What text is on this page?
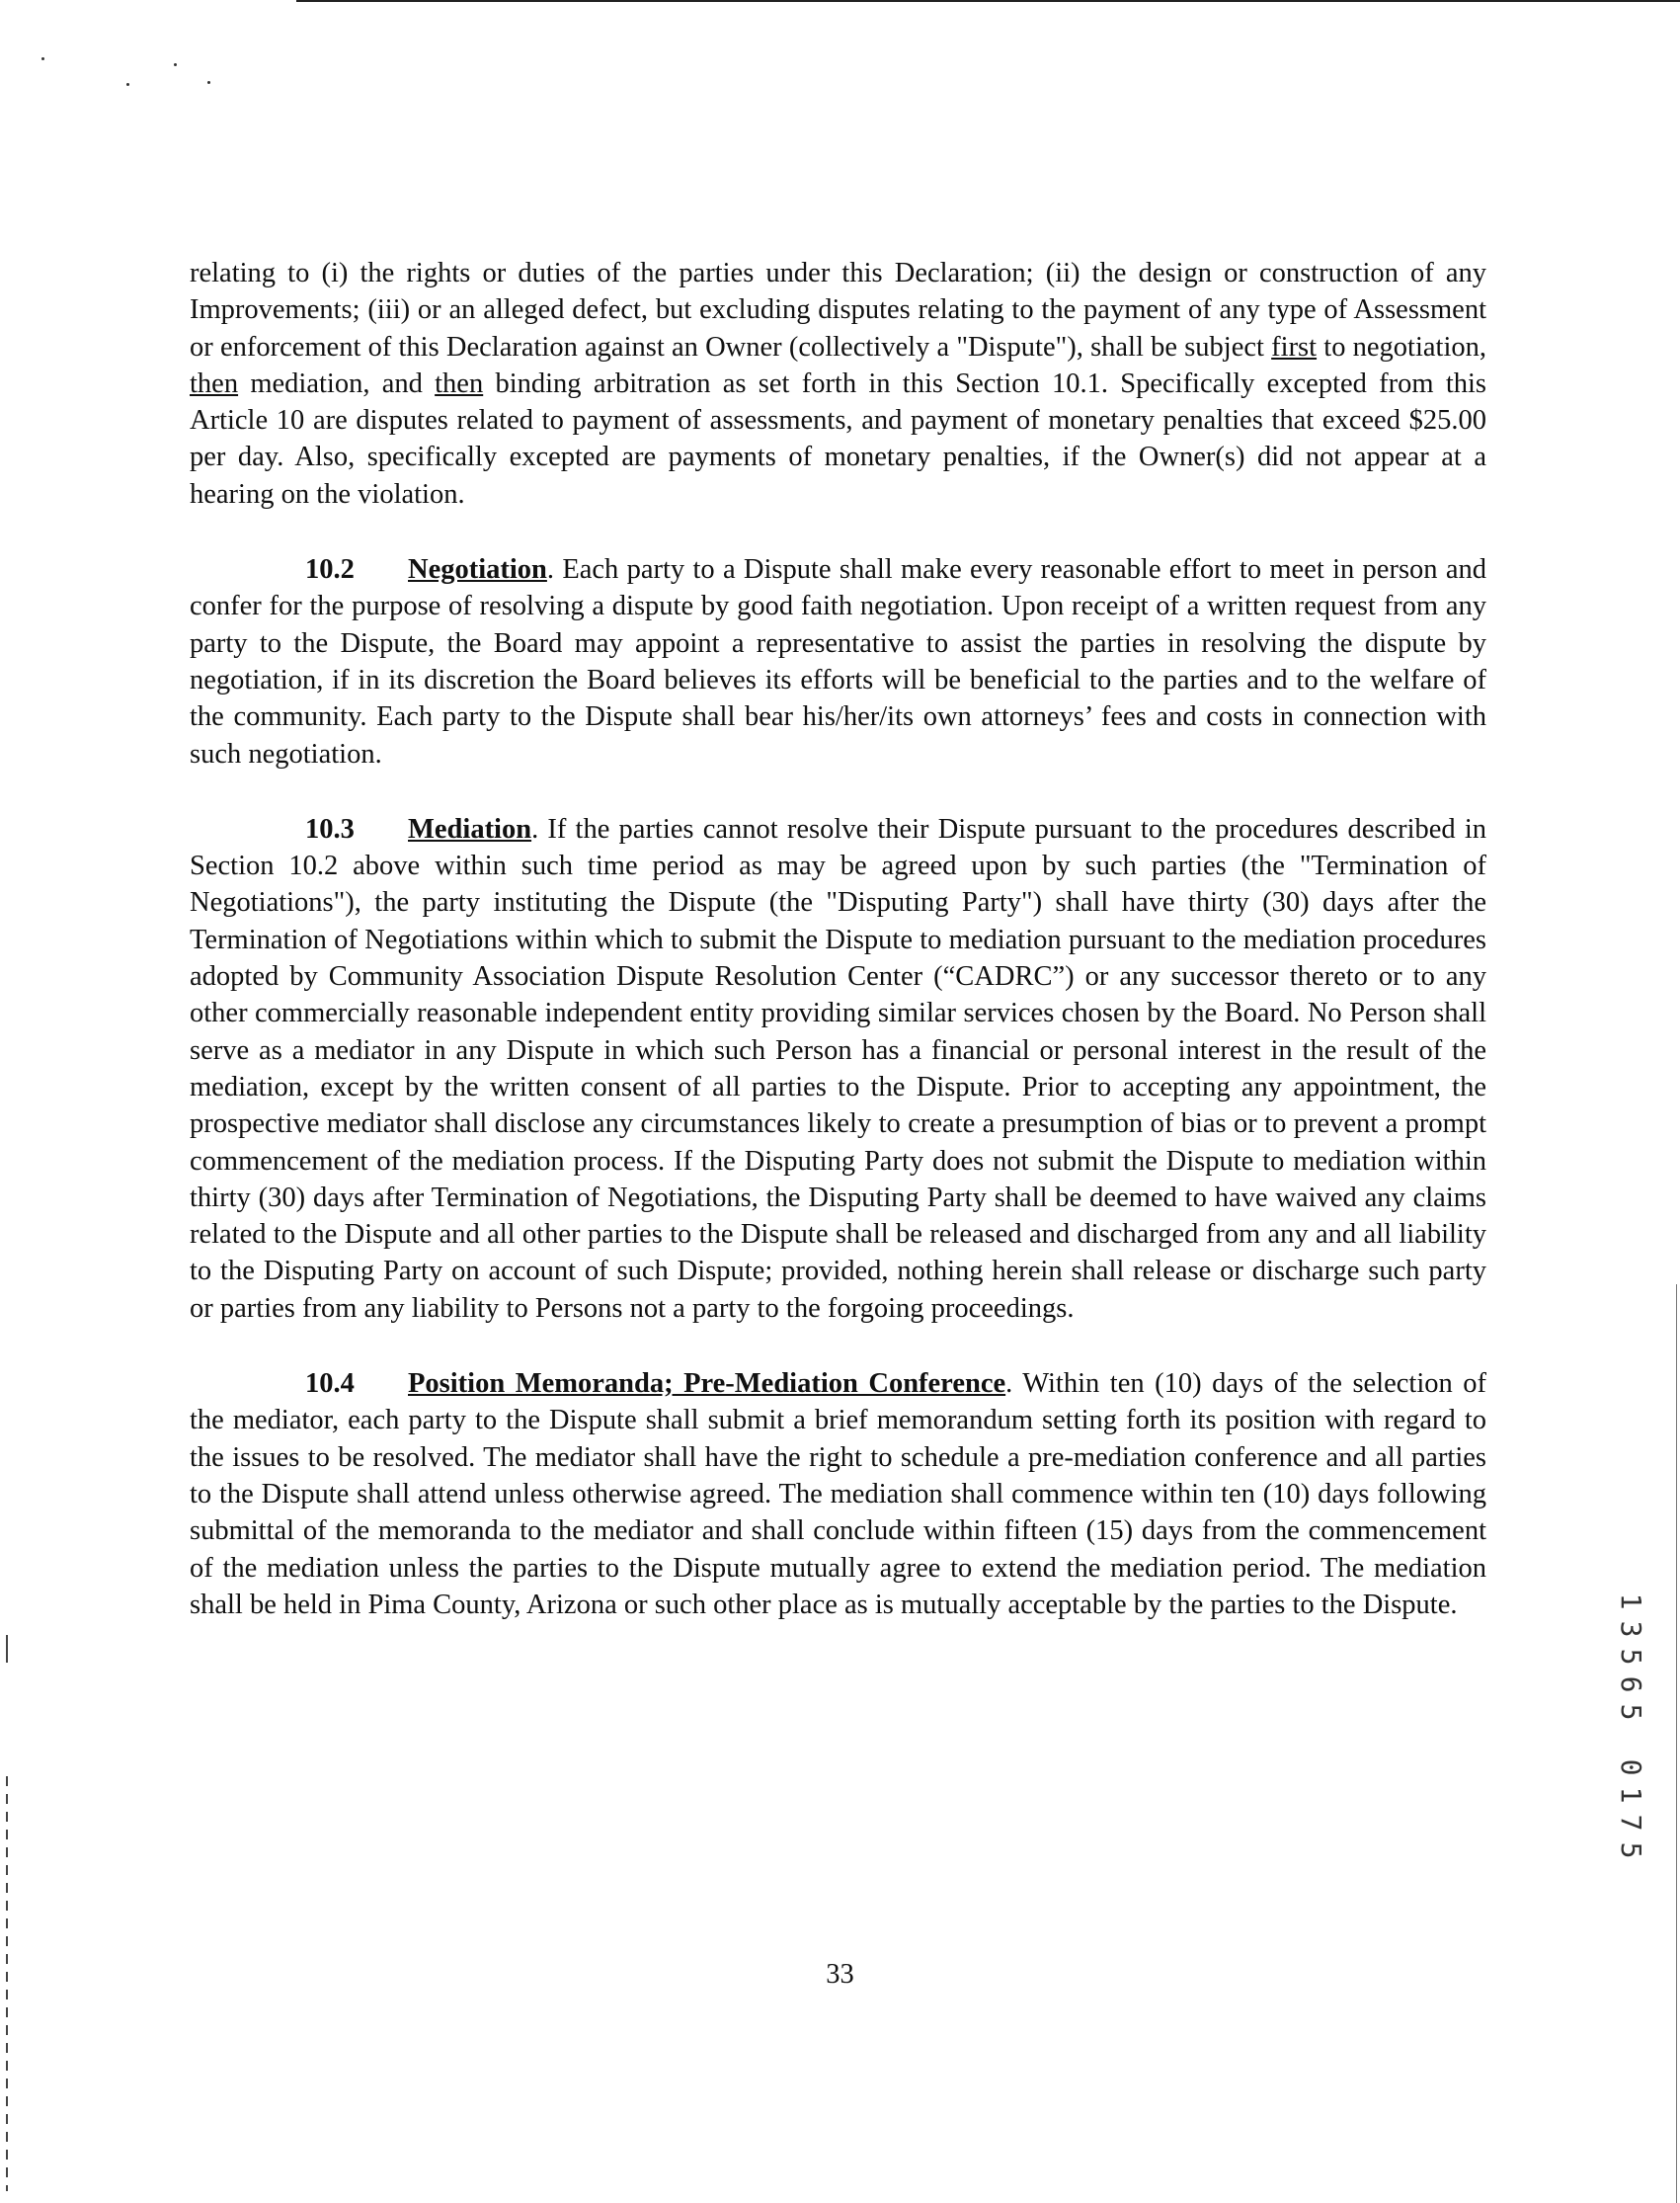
relating to (i) the rights or duties of the parties under this Declaration; (ii) the design or construction of any Improvements; (iii) or an alleged defect, but excluding disputes relating to the payment of any type of Assessment or enforcement of this Declaration against an Owner (collectively a "Dispute"), shall be subject first to negotiation, then mediation, and then binding arbitration as set forth in this Section 10.1. Specifically excepted from this Article 10 are disputes related to payment of assessments, and payment of monetary penalties that exceed $25.00 per day. Also, specifically excepted are payments of monetary penalties, if the Owner(s) did not appear at a hearing on the violation.

10.2 Negotiation. Each party to a Dispute shall make every reasonable effort to meet in person and confer for the purpose of resolving a dispute by good faith negotiation. Upon receipt of a written request from any party to the Dispute, the Board may appoint a representative to assist the parties in resolving the dispute by negotiation, if in its discretion the Board believes its efforts will be beneficial to the parties and to the welfare of the community. Each party to the Dispute shall bear his/her/its own attorneys’ fees and costs in connection with such negotiation.

10.3 Mediation. If the parties cannot resolve their Dispute pursuant to the procedures described in Section 10.2 above within such time period as may be agreed upon by such parties (the "Termination of Negotiations"), the party instituting the Dispute (the "Disputing Party") shall have thirty (30) days after the Termination of Negotiations within which to submit the Dispute to mediation pursuant to the mediation procedures adopted by Community Association Dispute Resolution Center (“CADRC”) or any successor thereto or to any other commercially reasonable independent entity providing similar services chosen by the Board. No Person shall serve as a mediator in any Dispute in which such Person has a financial or personal interest in the result of the mediation, except by the written consent of all parties to the Dispute. Prior to accepting any appointment, the prospective mediator shall disclose any circumstances likely to create a presumption of bias or to prevent a prompt commencement of the mediation process. If the Disputing Party does not submit the Dispute to mediation within thirty (30) days after Termination of Negotiations, the Disputing Party shall be deemed to have waived any claims related to the Dispute and all other parties to the Dispute shall be released and discharged from any and all liability to the Disputing Party on account of such Dispute; provided, nothing herein shall release or discharge such party or parties from any liability to Persons not a party to the forgoing proceedings.

10.4 Position Memoranda; Pre-Mediation Conference. Within ten (10) days of the selection of the mediator, each party to the Dispute shall submit a brief memorandum setting forth its position with regard to the issues to be resolved. The mediator shall have the right to schedule a pre-mediation conference and all parties to the Dispute shall attend unless otherwise agreed. The mediation shall commence within ten (10) days following submittal of the memoranda to the mediator and shall conclude within fifteen (15) days from the commencement of the mediation unless the parties to the Dispute mutually agree to extend the mediation period. The mediation shall be held in Pima County, Arizona or such other place as is mutually acceptable by the parties to the Dispute.

33
1
3
5
6
5

0
1
7
5
